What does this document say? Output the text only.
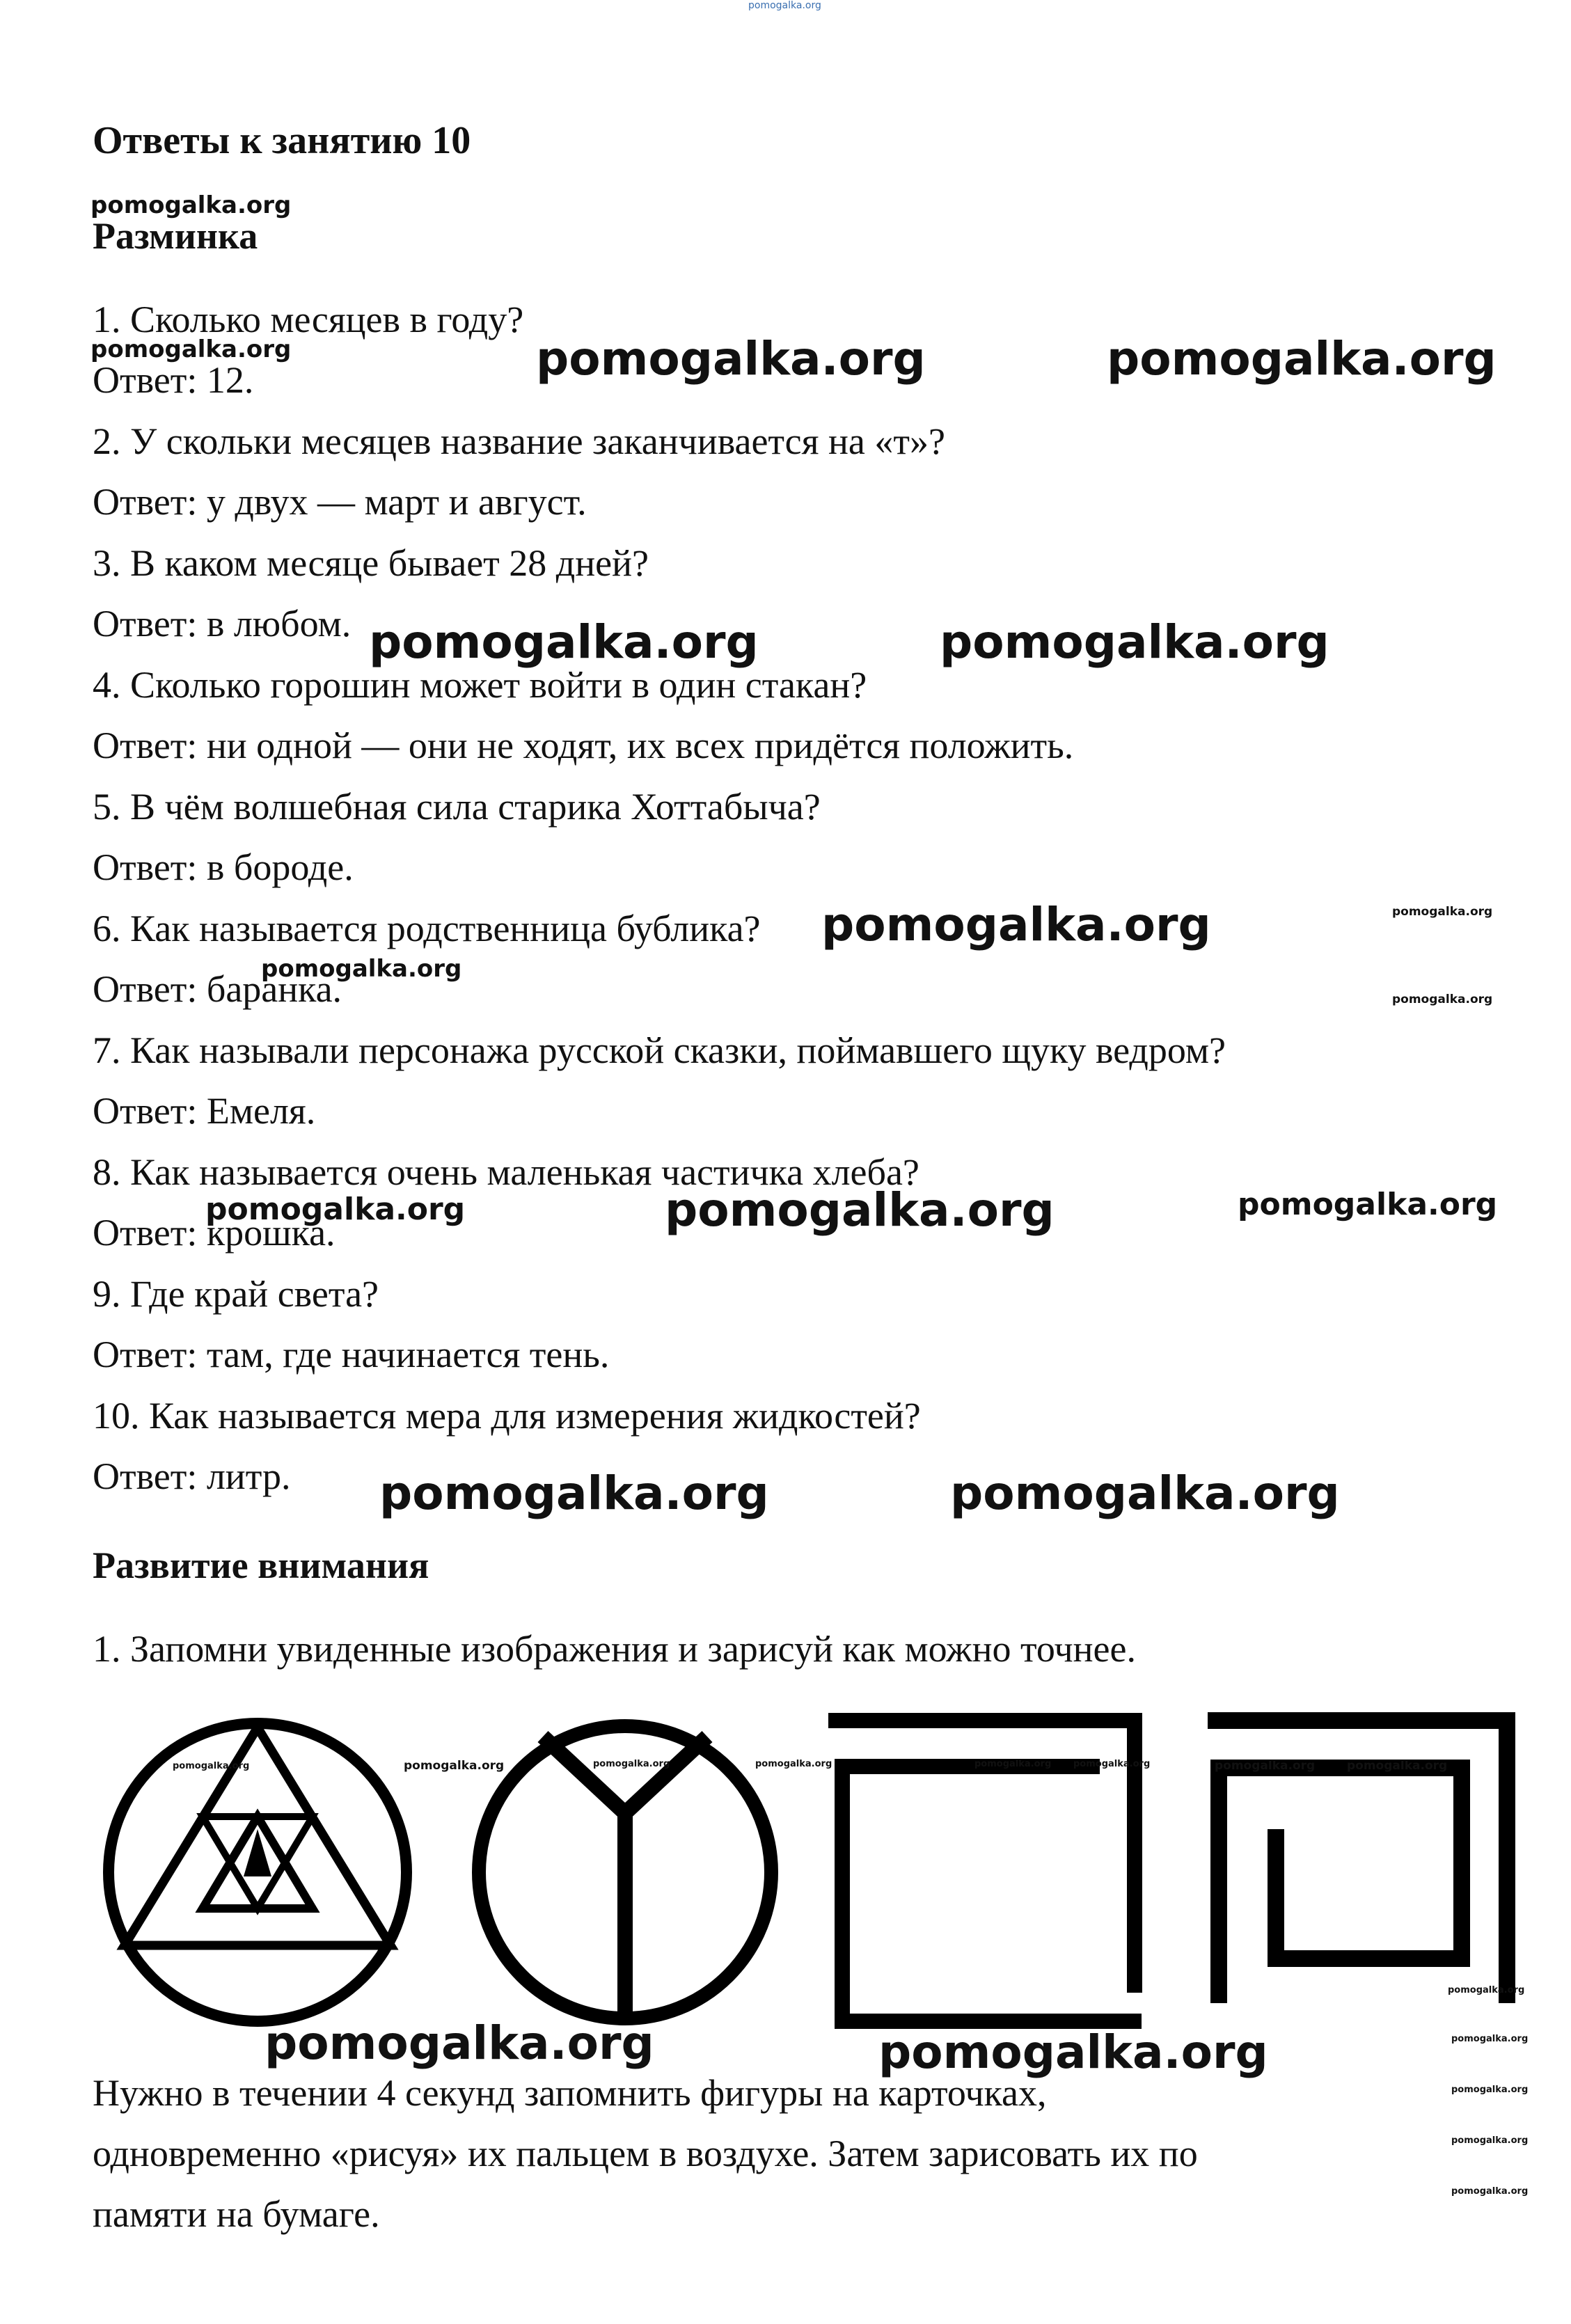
pomogalka.org
Ответы к занятию 10
Разминка
1. Сколько месяцев в году?
Ответ: 12.
2. У скольки месяцев название заканчивается на «т»?
Ответ: у двух — март и август.
3. В каком месяце бывает 28 дней?
Ответ: в любом.
4. Сколько горошин может войти в один стакан?
Ответ: ни одной — они не ходят, их всех придётся положить.
5. В чём волшебная сила старика Хоттабыча?
Ответ: в бороде.
6. Как называется родственница бублика?
Ответ: баранка.
7. Как называли персонажа русской сказки, поймавшего щуку ведром?
Ответ: Емеля.
8. Как называется очень маленькая частичка хлеба?
Ответ: крошка.
9. Где край света?
Ответ: там, где начинается тень.
10. Как называется мера для измерения жидкостей?
Ответ: литр.
Развитие внимания
1. Запомни увиденные изображения и зарисуй как можно точнее.
Нужно в течении 4 секунд запомнить фигуры на карточках,
одновременно «рисуя» их пальцем в воздухе. Затем зарисовать их по
памяти на бумаге.
pomogalka.org
pomogalka.org	pomogalka.org	pomogalka.org
pomogalka.org	pomogalka.org
pomogalka.org	pomogalka.org
pomogalka.org
pomogalka.org
pomogalka.org	pomogalka.org	pomogalka.org
pomogalka.org	pomogalka.org
pomogalka.org	pomogalka.org	pomogalka.org	pomogalka.org	pomogalka.org pomogalka.org	pomogalka.org	pomogalka.org
pomogalka.org
pomogalka.org	pomogalka.org	pomogalka.org
pomogalka.org
pomogalka.org
pomogalka.org
